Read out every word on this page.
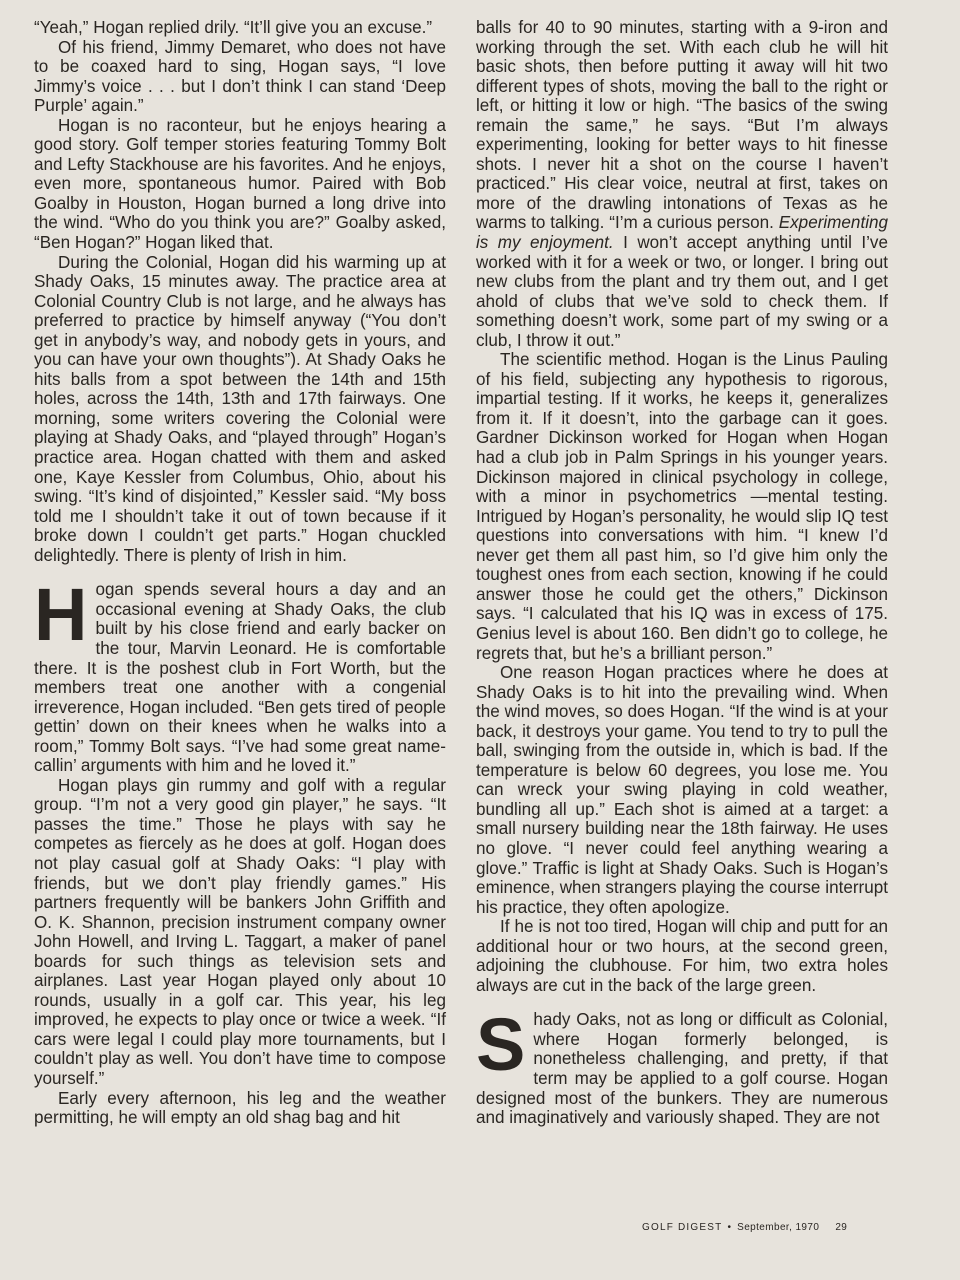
“Yeah,” Hogan replied drily. “It’ll give you an excuse.”

Of his friend, Jimmy Demaret, who does not have to be coaxed hard to sing, Hogan says, “I love Jimmy’s voice . . . but I don’t think I can stand ‘Deep Purple’ again.”

Hogan is no raconteur, but he enjoys hearing a good story. Golf temper stories featuring Tommy Bolt and Lefty Stackhouse are his favorites. And he enjoys, even more, spontaneous humor. Paired with Bob Goalby in Houston, Hogan burned a long drive into the wind. “Who do you think you are?” Goalby asked, “Ben Hogan?” Hogan liked that.

During the Colonial, Hogan did his warming up at Shady Oaks, 15 minutes away. The practice area at Colonial Country Club is not large, and he always has preferred to practice by himself anyway (“You don’t get in anybody’s way, and nobody gets in yours, and you can have your own thoughts”). At Shady Oaks he hits balls from a spot between the 14th and 15th holes, across the 14th, 13th and 17th fairways. One morning, some writers covering the Colonial were playing at Shady Oaks, and “played through” Hogan’s practice area. Hogan chatted with them and asked one, Kaye Kessler from Columbus, Ohio, about his swing. “It’s kind of disjointed,” Kessler said. “My boss told me I shouldn’t take it out of town because if it broke down I couldn’t get parts.” Hogan chuckled delightedly. There is plenty of Irish in him.

Hogan spends several hours a day and an occasional evening at Shady Oaks, the club built by his close friend and early backer on the tour, Marvin Leonard. He is comfortable there. It is the poshest club in Fort Worth, but the members treat one another with a congenial irreverence, Hogan included. “Ben gets tired of people gettin’ down on their knees when he walks into a room,” Tommy Bolt says. “I’ve had some great name-callin’ arguments with him and he loved it.”

Hogan plays gin rummy and golf with a regular group. “I’m not a very good gin player,” he says. “It passes the time.” Those he plays with say he competes as fiercely as he does at golf. Hogan does not play casual golf at Shady Oaks: “I play with friends, but we don’t play friendly games.” His partners frequently will be bankers John Griffith and O. K. Shannon, precision instrument company owner John Howell, and Irving L. Taggart, a maker of panel boards for such things as television sets and airplanes. Last year Hogan played only about 10 rounds, usually in a golf car. This year, his leg improved, he expects to play once or twice a week. “If cars were legal I could play more tournaments, but I couldn’t play as well. You don’t have time to compose yourself.”

Early every afternoon, his leg and the weather permitting, he will empty an old shag bag and hit

balls for 40 to 90 minutes, starting with a 9-iron and working through the set. With each club he will hit basic shots, then before putting it away will hit two different types of shots, moving the ball to the right or left, or hitting it low or high. “The basics of the swing remain the same,” he says. “But I’m always experimenting, looking for better ways to hit finesse shots. I never hit a shot on the course I haven’t practiced.” His clear voice, neutral at first, takes on more of the drawling intonations of Texas as he warms to talking. “I’m a curious person. Experimenting is my enjoyment. I won’t accept anything until I’ve worked with it for a week or two, or longer. I bring out new clubs from the plant and try them out, and I get ahold of clubs that we’ve sold to check them. If something doesn’t work, some part of my swing or a club, I throw it out.”

The scientific method. Hogan is the Linus Pauling of his field, subjecting any hypothesis to rigorous, impartial testing. If it works, he keeps it, generalizes from it. If it doesn’t, into the garbage can it goes. Gardner Dickinson worked for Hogan when Hogan had a club job in Palm Springs in his younger years. Dickinson majored in clinical psychology in college, with a minor in psychometrics —mental testing. Intrigued by Hogan’s personality, he would slip IQ test questions into conversations with him. “I knew I’d never get them all past him, so I’d give him only the toughest ones from each section, knowing if he could answer those he could get the others,” Dickinson says. “I calculated that his IQ was in excess of 175. Genius level is about 160. Ben didn’t go to college, he regrets that, but he’s a brilliant person.”

One reason Hogan practices where he does at Shady Oaks is to hit into the prevailing wind. When the wind moves, so does Hogan. “If the wind is at your back, it destroys your game. You tend to try to pull the ball, swinging from the outside in, which is bad. If the temperature is below 60 degrees, you lose me. You can wreck your swing playing in cold weather, bundling all up.” Each shot is aimed at a target: a small nursery building near the 18th fairway. He uses no glove. “I never could feel anything wearing a glove.” Traffic is light at Shady Oaks. Such is Hogan’s eminence, when strangers playing the course interrupt his practice, they often apologize.

If he is not too tired, Hogan will chip and putt for an additional hour or two hours, at the second green, adjoining the clubhouse. For him, two extra holes always are cut in the back of the large green.

Shady Oaks, not as long or difficult as Colonial, where Hogan formerly belonged, is nonetheless challenging, and pretty, if that term may be applied to a golf course. Hogan designed most of the bunkers. They are numerous and imaginatively and variously shaped. They are not

GOLF DIGEST • September, 1970 29
